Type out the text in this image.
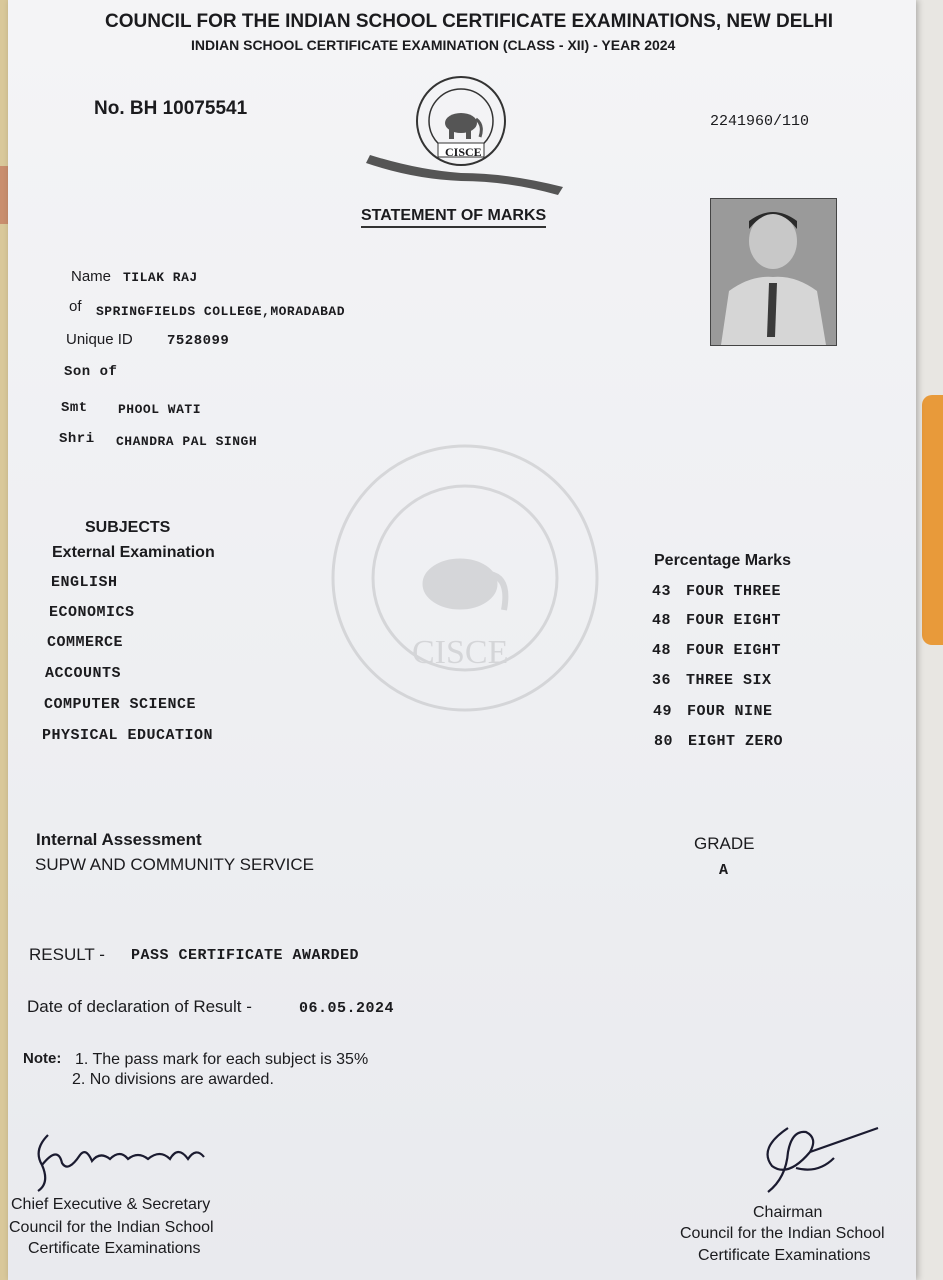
COUNCIL FOR THE INDIAN SCHOOL CERTIFICATE EXAMINATIONS, NEW DELHI
INDIAN SCHOOL CERTIFICATE EXAMINATION (CLASS - XII) - YEAR 2024
No. BH 10075541
2241960/110
CISCE
STATEMENT OF MARKS
Name TILAK RAJ
of SPRINGFIELDS COLLEGE,MORADABAD
Unique ID 7528099
Son of
Smt PHOOL WATI
Shri CHANDRA PAL SINGH
CISCE
SUBJECTS
External Examination	Percentage Marks
ENGLISH
ECONOMICS
COMMERCE
ACCOUNTS
COMPUTER SCIENCE
PHYSICAL EDUCATION
43 FOUR THREE
48 FOUR EIGHT
48 FOUR EIGHT
36 THREE SIX
49 FOUR NINE
80 EIGHT ZERO
Internal Assessment
SUPW AND COMMUNITY SERVICE
GRADE
A
RESULT - PASS CERTIFICATE AWARDED
Date of declaration of Result -	06.05.2024
Note: 1. The pass mark for each subject is 35%
2. No divisions are awarded.
Chief Executive & Secretary
Council for the Indian School
Certificate Examinations
Chairman
Council for the Indian School
Certificate Examinations
